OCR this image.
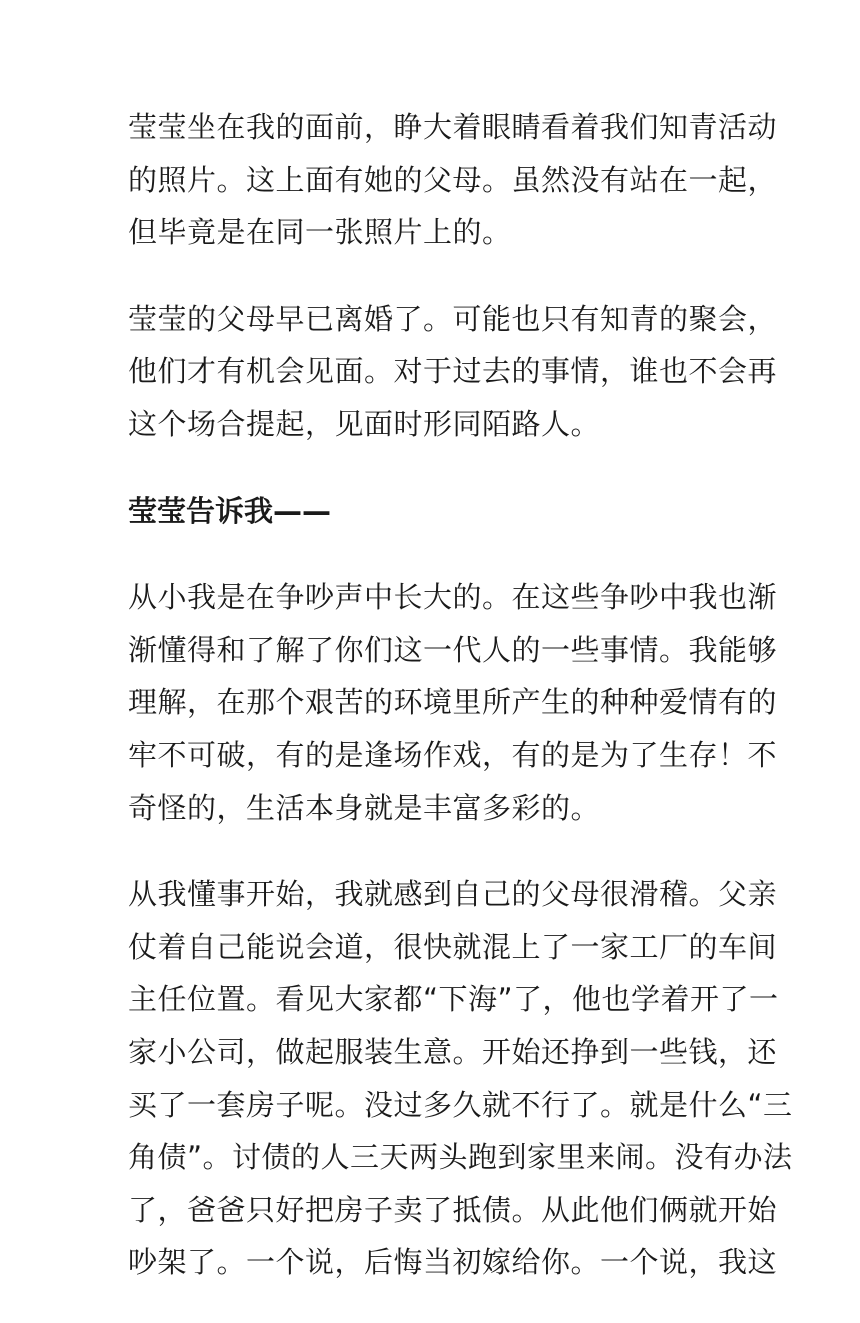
莹莹坐在我的面前，睁大着眼睛看着我们知青活动
的照片。这上面有她的父母。虽然没有站在一起，
但毕竟是在同一张照片上的。
莹莹的父母早已离婚了。可能也只有知青的聚会，
他们才有机会见面。对于过去的事情，谁也不会再
这个场合提起，见面时形同陌路人。
莹莹告诉我——
从小我是在争吵声中长大的。在这些争吵中我也渐
渐懂得和了解了你们这一代人的一些事情。我能够
理解，在那个艰苦的环境里所产生的种种爱情有的
牢不可破，有的是逢场作戏，有的是为了生存！不
奇怪的，生活本身就是丰富多彩的。
从我懂事开始，我就感到自己的父母很滑稽。父亲
仗着自己能说会道，很快就混上了一家工厂的车间
主任位置。看见大家都“下海”了，他也学着开了一
家小公司，做起服装生意。开始还挣到一些钱，还
买了一套房子呢。没过多久就不行了。就是什么“三
角债”。讨债的人三天两头跑到家里来闹。没有办法
了，爸爸只好把房子卖了抵债。从此他们俩就开始
吵架了。一个说，后悔当初嫁给你。一个说，我这
